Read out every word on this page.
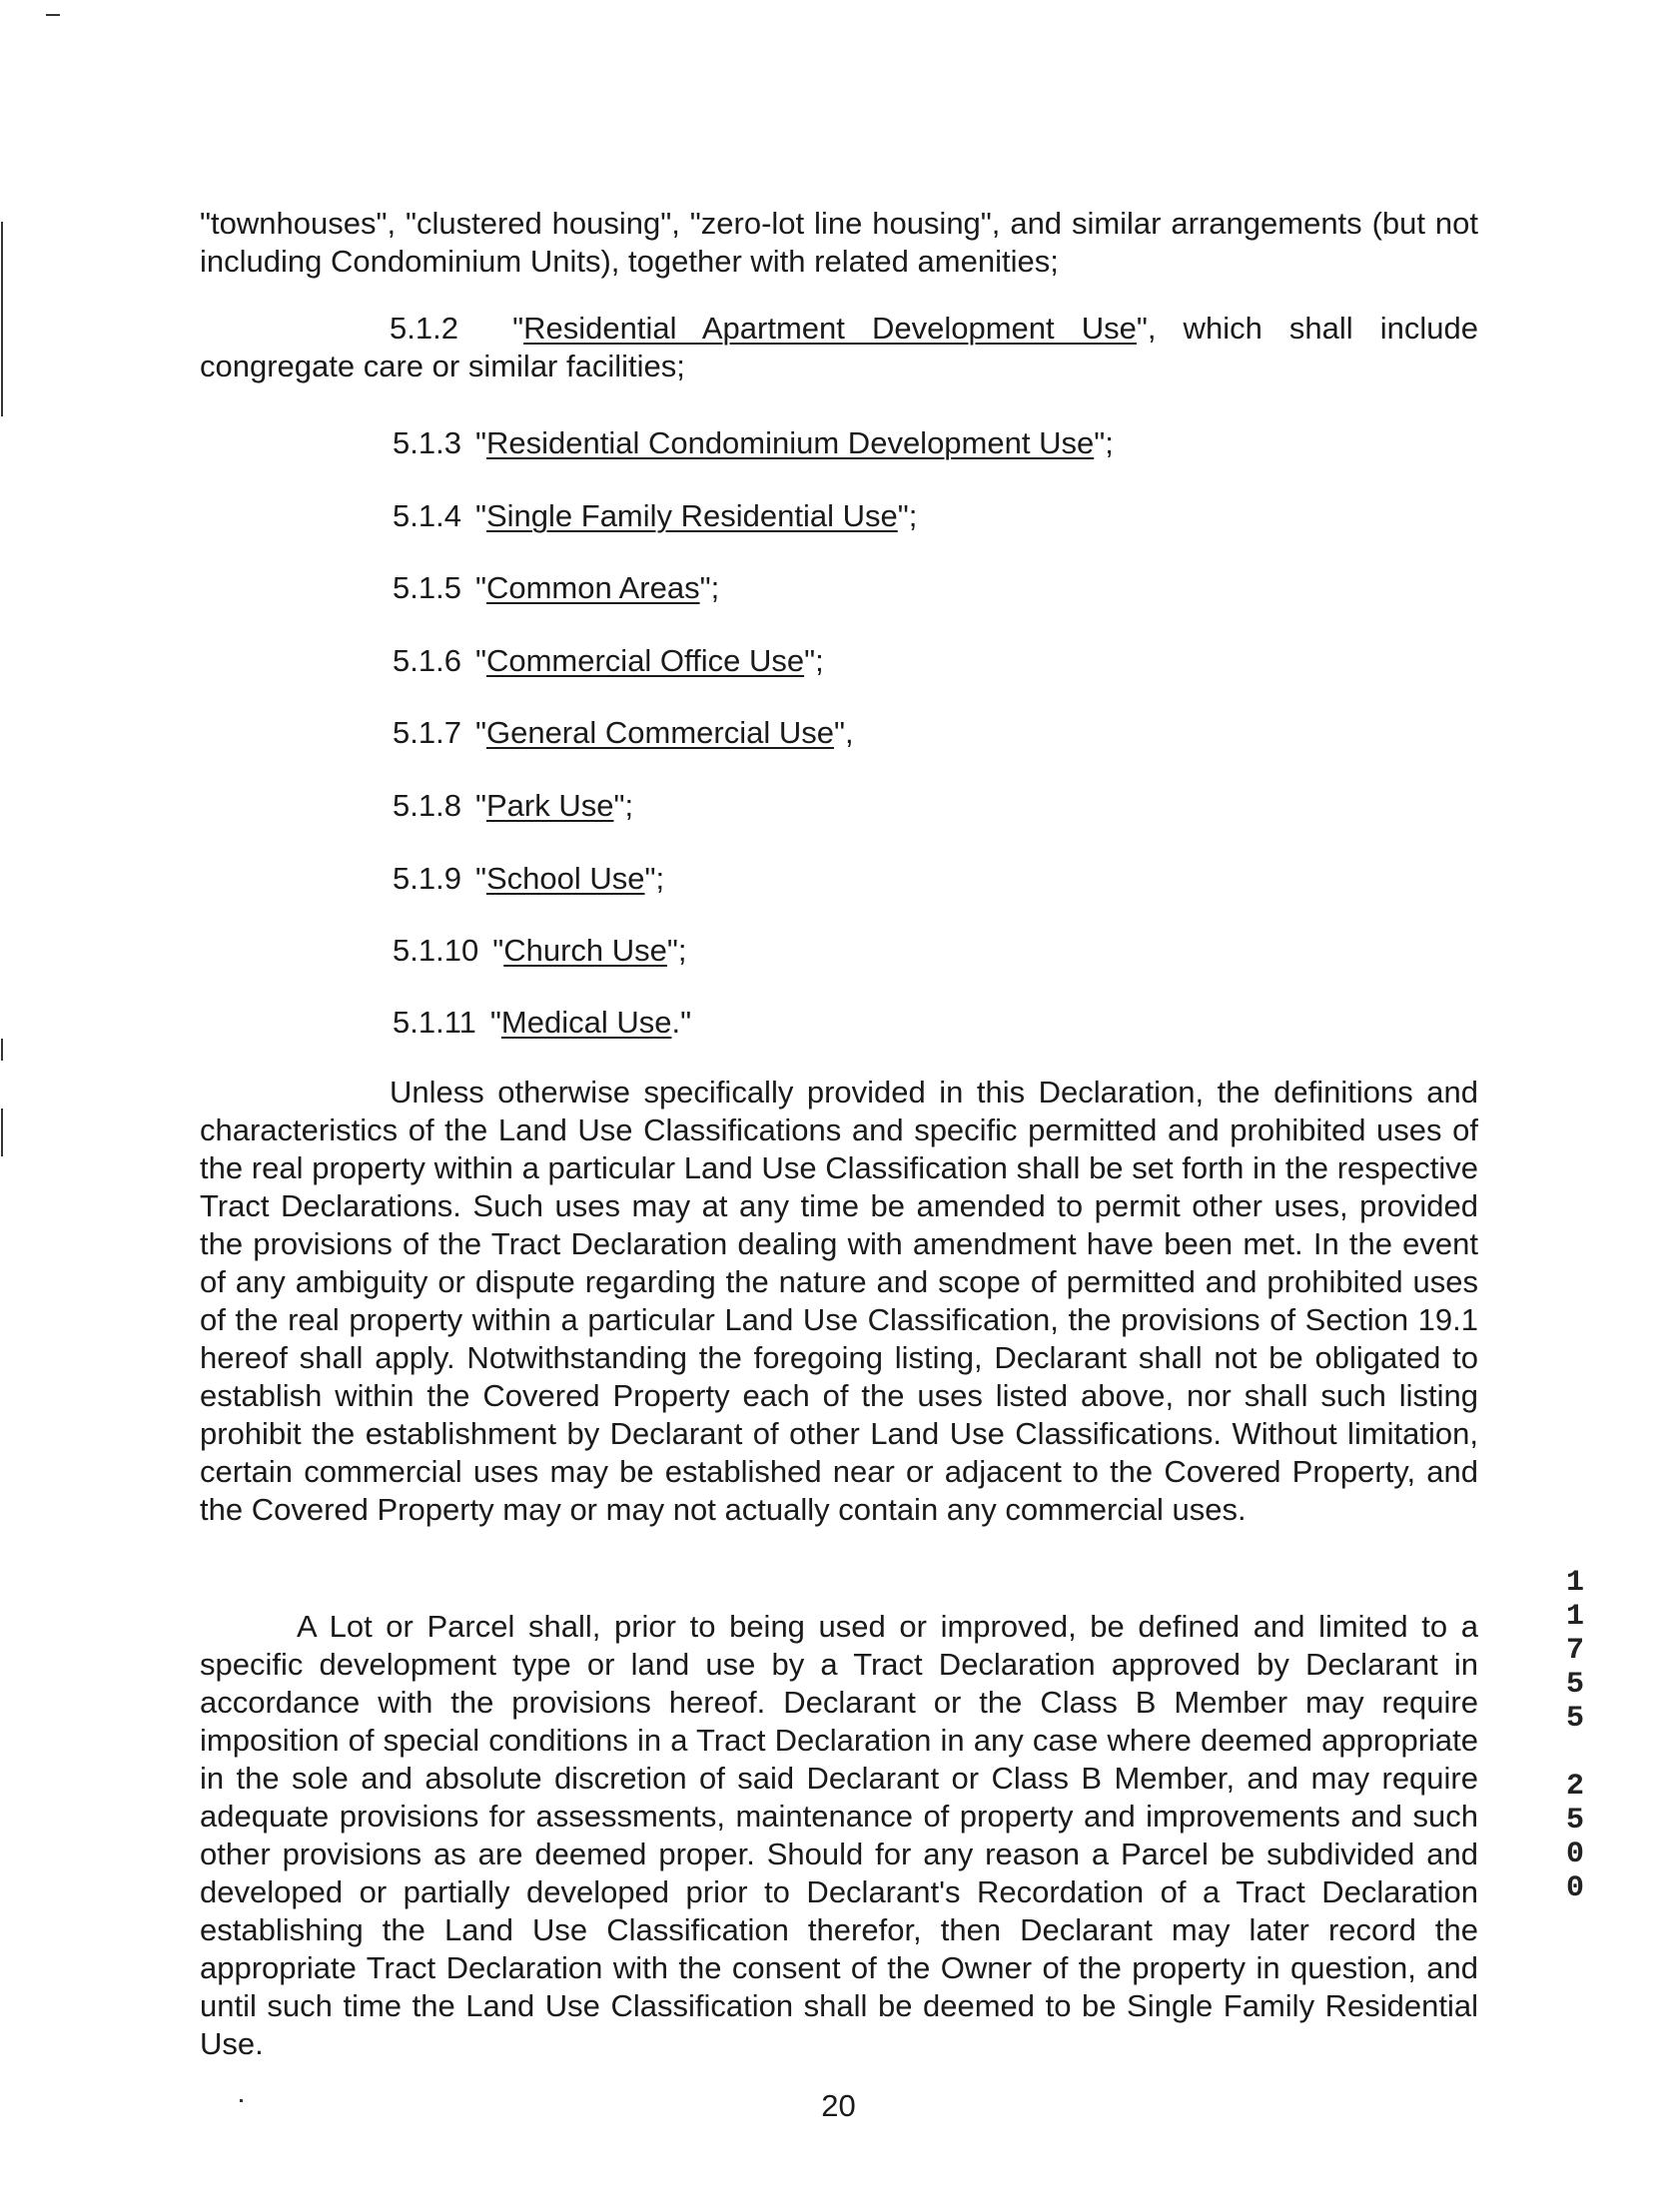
"townhouses", "clustered housing", "zero-lot line housing", and similar arrangements (but not including Condominium Units), together with related amenities;

5.1.2 "Residential Apartment Development Use", which shall include congregate care or similar facilities;

5.1.3 "Residential Condominium Development Use";
5.1.4 "Single Family Residential Use";
5.1.5 "Common Areas";
5.1.6 "Commercial Office Use";
5.1.7 "General Commercial Use",
5.1.8 "Park Use";
5.1.9 "School Use";
5.1.10 "Church Use";
5.1.11 "Medical Use."

Unless otherwise specifically provided in this Declaration, the definitions and characteristics of the Land Use Classifications and specific permitted and prohibited uses of the real property within a particular Land Use Classification shall be set forth in the respective Tract Declarations. Such uses may at any time be amended to permit other uses, provided the provisions of the Tract Declaration dealing with amendment have been met. In the event of any ambiguity or dispute regarding the nature and scope of permitted and prohibited uses of the real property within a particular Land Use Classification, the provisions of Section 19.1 hereof shall apply. Notwithstanding the foregoing listing, Declarant shall not be obligated to establish within the Covered Property each of the uses listed above, nor shall such listing prohibit the establishment by Declarant of other Land Use Classifications. Without limitation, certain commercial uses may be established near or adjacent to the Covered Property, and the Covered Property may or may not actually contain any commercial uses.

A Lot or Parcel shall, prior to being used or improved, be defined and limited to a specific development type or land use by a Tract Declaration approved by Declarant in accordance with the provisions hereof. Declarant or the Class B Member may require imposition of special conditions in a Tract Declaration in any case where deemed appropriate in the sole and absolute discretion of said Declarant or Class B Member, and may require adequate provisions for assessments, maintenance of property and improvements and such other provisions as are deemed proper. Should for any reason a Parcel be subdivided and developed or partially developed prior to Declarant's Recordation of a Tract Declaration establishing the Land Use Classification therefor, then Declarant may later record the appropriate Tract Declaration with the consent of the Owner of the property in question, and until such time the Land Use Classification shall be deemed to be Single Family Residential Use.

20
1
1
7
5
5
2
5
0
0
